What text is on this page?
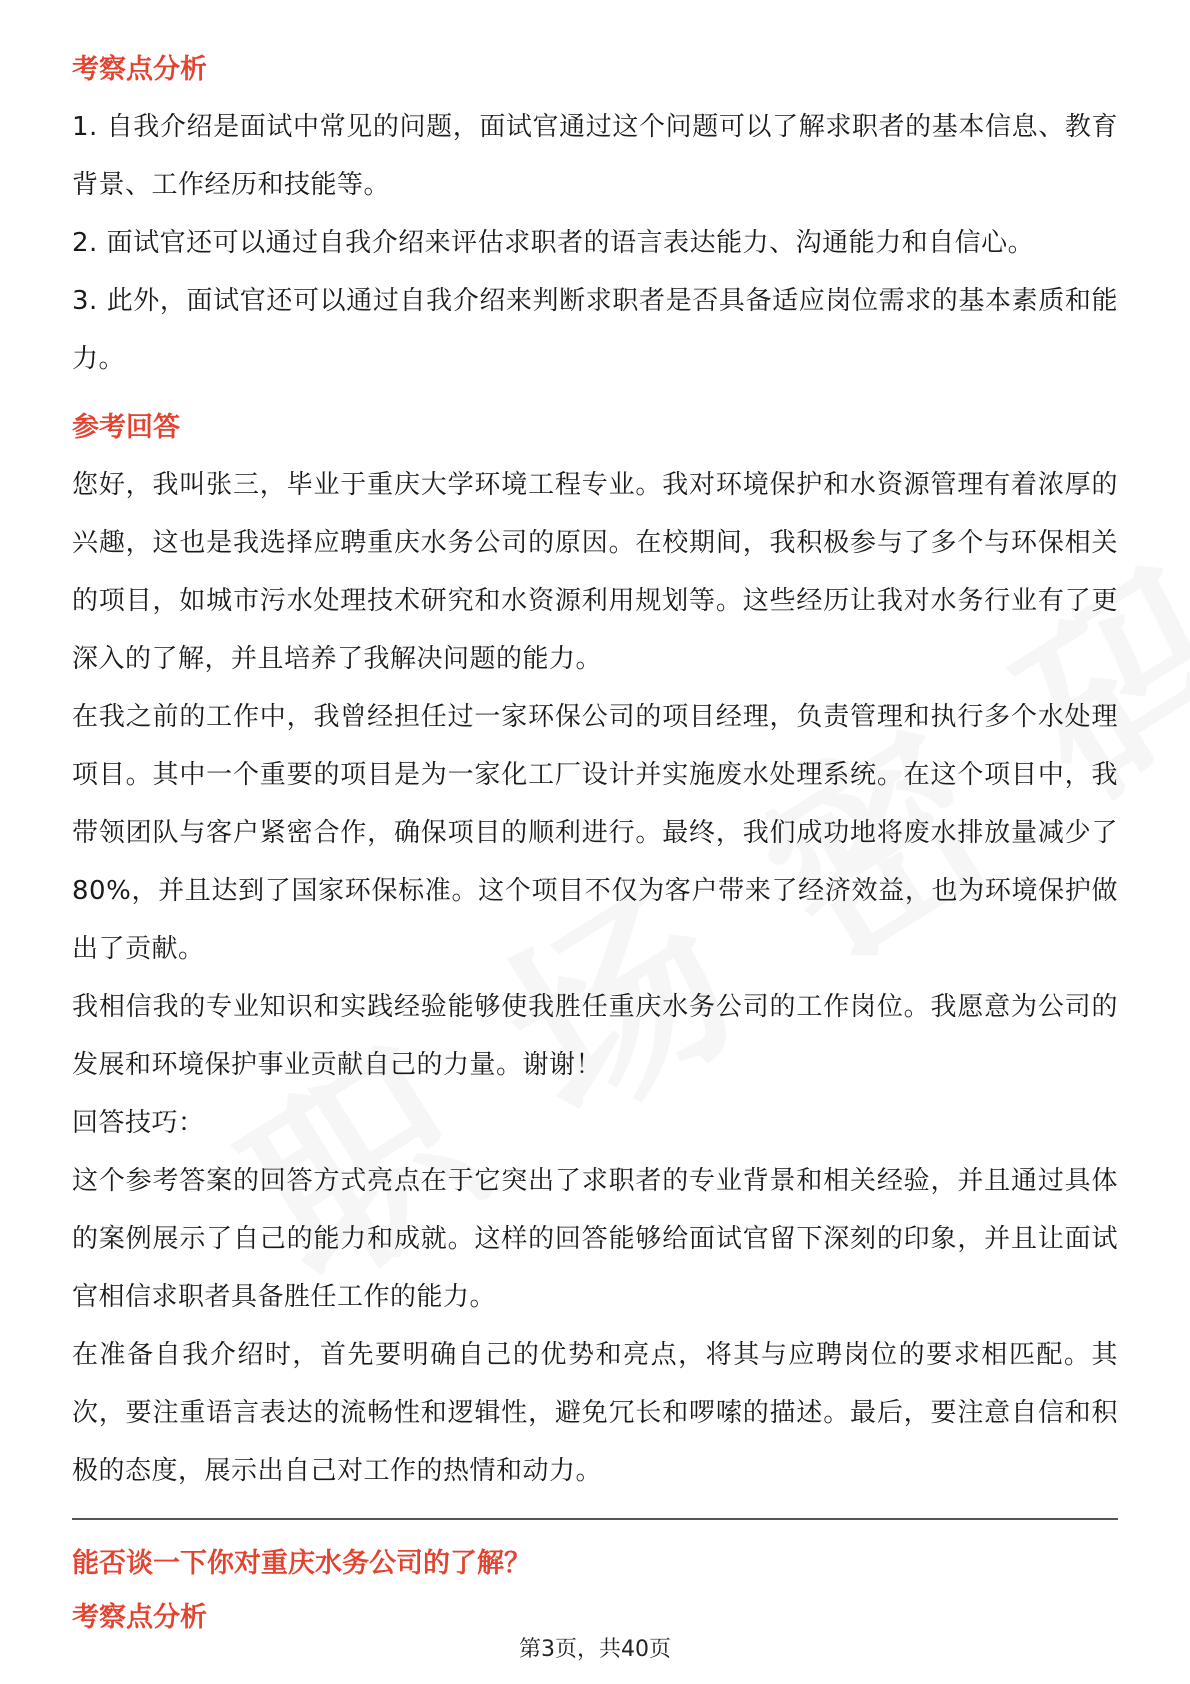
考察点分析

1. 自我介绍是面试中常见的问题，面试官通过这个问题可以了解求职者的基本信息、教育背景、工作经历和技能等。

2. 面试官还可以通过自我介绍来评估求职者的语言表达能力、沟通能力和自信心。

3. 此外，面试官还可以通过自我介绍来判断求职者是否具备适应岗位需求的基本素质和能力。

参考回答

您好，我叫张三，毕业于重庆大学环境工程专业。我对环境保护和水资源管理有着浓厚的兴趣，这也是我选择应聘重庆水务公司的原因。在校期间，我积极参与了多个与环保相关的项目，如城市污水处理技术研究和水资源利用规划等。这些经历让我对水务行业有了更深入的了解，并且培养了我解决问题的能力。

在我之前的工作中，我曾经担任过一家环保公司的项目经理，负责管理和执行多个水处理项目。其中一个重要的项目是为一家化工厂设计并实施废水处理系统。在这个项目中，我带领团队与客户紧密合作，确保项目的顺利进行。最终，我们成功地将废水排放量减少了80%，并且达到了国家环保标准。这个项目不仅为客户带来了经济效益，也为环境保护做出了贡献。

我相信我的专业知识和实践经验能够使我胜任重庆水务公司的工作岗位。我愿意为公司的发展和环境保护事业贡献自己的力量。谢谢！

回答技巧：

这个参考答案的回答方式亮点在于它突出了求职者的专业背景和相关经验，并且通过具体的案例展示了自己的能力和成就。这样的回答能够给面试官留下深刻的印象，并且让面试官相信求职者具备胜任工作的能力。

在准备自我介绍时，首先要明确自己的优势和亮点，将其与应聘岗位的要求相匹配。其次，要注重语言表达的流畅性和逻辑性，避免冗长和啰嗦的描述。最后，要注意自信和积极的态度，展示出自己对工作的热情和动力。

能否谈一下你对重庆水务公司的了解？
考察点分析
第3页，共40页
